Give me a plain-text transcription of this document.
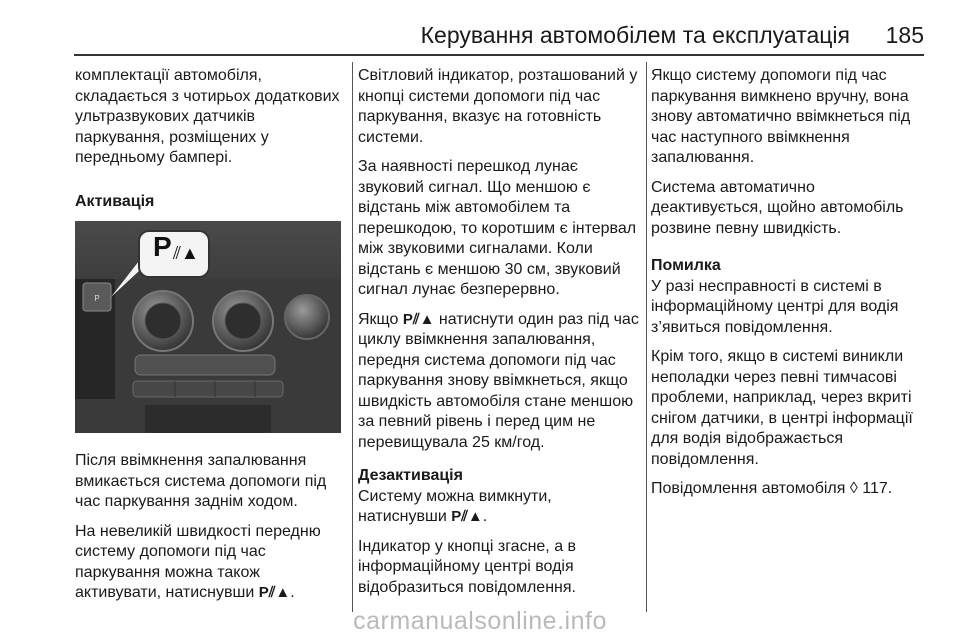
Керування автомобілем та експлуатація 185

комплектації автомобіля, складається з чотирьох додаткових ультразвукових датчиків паркування, розміщених у передньому бампері.

Активація
P
P ⫽▲

Після ввімкнення запалювання вмикається система допомоги під час паркування заднім ходом.

На невеликій швидкості передню систему допомоги під час паркування можна також активувати, натиснувши P⫽▲.

Світловий індикатор, розташований у кнопці системи допомоги під час паркування, вказує на готовність системи.

За наявності перешкод лунає звуковий сигнал. Що меншою є відстань між автомобілем та перешкодою, то коротшим є інтервал між звуковими сигналами. Коли відстань є меншою 30 см, звуковий сигнал лунає безперервно.

Якщо P⫽▲ натиснути один раз під час циклу ввімкнення запалювання, передня система допомоги під час паркування знову ввімкнеться, якщо швидкість автомобіля стане меншою за певний рівень і перед цим не перевищувала 25 км/год.

Дезактивація

Систему можна вимкнути, натиснувши P⫽▲.

Індикатор у кнопці згасне, а в інформаційному центрі водія відобразиться повідомлення.

Якщо систему допомоги під час паркування вимкнено вручну, вона знову автоматично ввімкнеться під час наступного ввімкнення запалювання.

Система автоматично деактивується, щойно автомобіль розвине певну швидкість.

Помилка

У разі несправності в системі в інформаційному центрі для водія з’явиться повідомлення.

Крім того, якщо в системі виникли неполадки через певні тимчасові проблеми, наприклад, через вкриті снігом датчики, в центрі інформації для водія відображається повідомлення.

Повідомлення автомобіля ◊ 117.

carmanualsonline.info
